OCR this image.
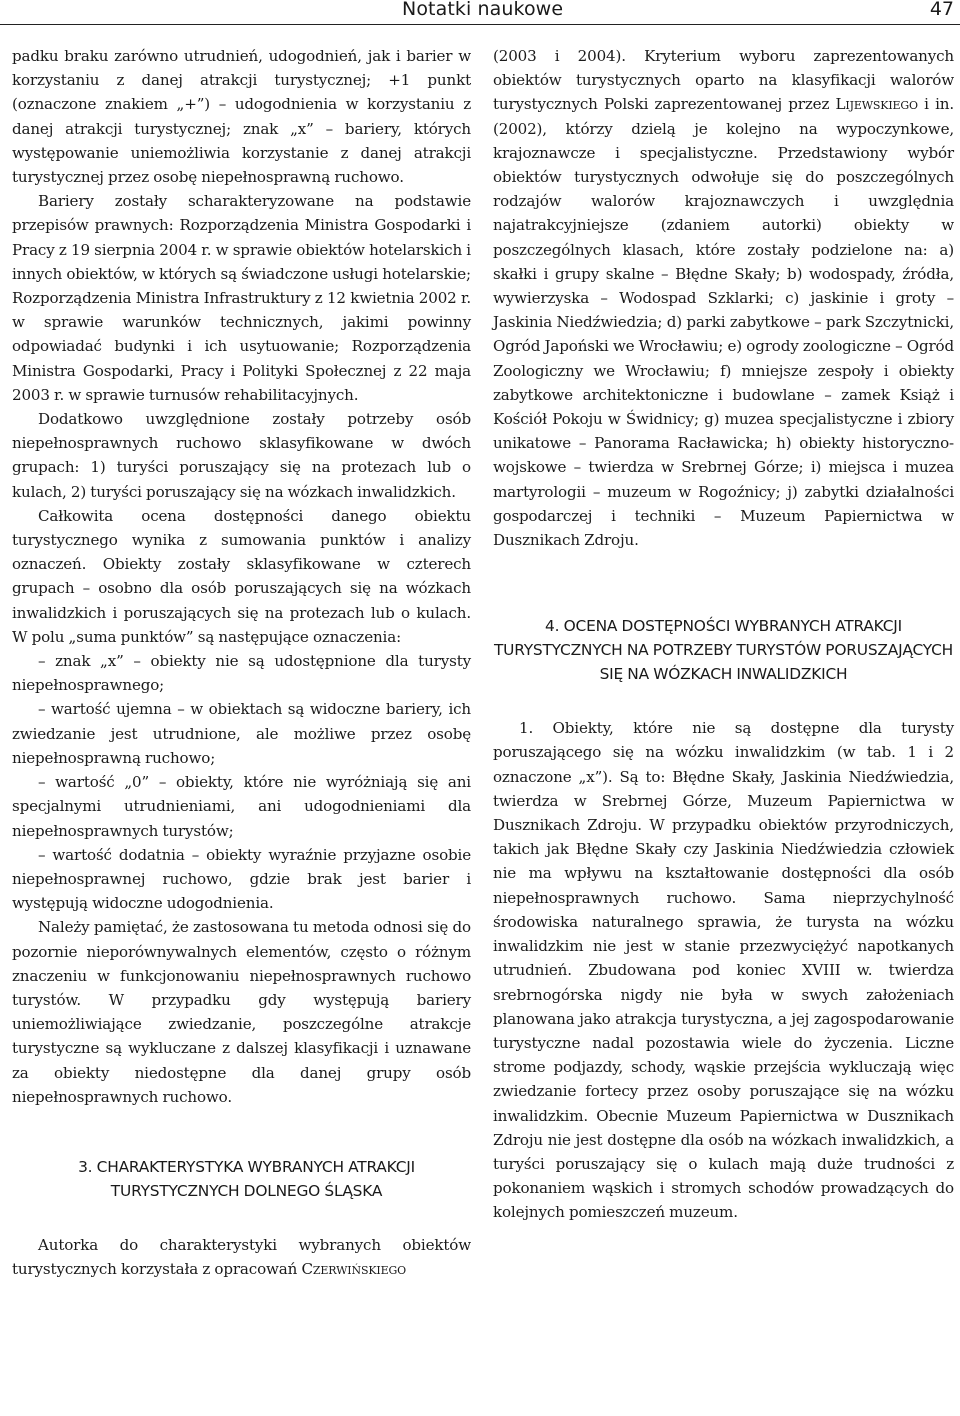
Notatki naukowe	47

padku braku zarówno utrudnień, udogodnień, jak i barier w korzystaniu z danej atrakcji turystycznej; +1 punkt (oznaczone znakiem „+”) – udogodnienia w korzystaniu z danej atrakcji turystycznej; znak „x” – bariery, których występowanie uniemożliwia korzystanie z danej atrakcji turystycznej przez osobę niepełnosprawną ruchowo.

Bariery zostały scharakteryzowane na podstawie przepisów prawnych: Rozporządzenia Ministra Gospodarki i Pracy z 19 sierpnia 2004 r. w sprawie obiektów hotelarskich i innych obiektów, w których są świadczone usługi hotelarskie; Rozporządzenia Ministra Infrastruktury z 12 kwietnia 2002 r. w sprawie warunków technicznych, jakimi powinny odpowiadać budynki i ich usytuowanie; Rozporządzenia Ministra Gospodarki, Pracy i Polityki Społecznej z 22 maja 2003 r. w sprawie turnusów rehabilitacyjnych.

Dodatkowo uwzględnione zostały potrzeby osób niepełnosprawnych ruchowo sklasyfikowane w dwóch grupach: 1) turyści poruszający się na protezach lub o kulach, 2) turyści poruszający się na wózkach inwalidzkich.

Całkowita ocena dostępności danego obiektu turystycznego wynika z sumowania punktów i analizy oznaczeń. Obiekty zostały sklasyfikowane w czterech grupach – osobno dla osób poruszających się na wózkach inwalidzkich i poruszających się na protezach lub o kulach. W polu „suma punktów” są następujące oznaczenia:

– znak „x” – obiekty nie są udostępnione dla turysty niepełnosprawnego;

– wartość ujemna – w obiektach są widoczne bariery, ich zwiedzanie jest utrudnione, ale możliwe przez osobę niepełnosprawną ruchowo;

– wartość „0” – obiekty, które nie wyróżniają się ani specjalnymi utrudnieniami, ani udogodnieniami dla niepełnosprawnych turystów;

– wartość dodatnia – obiekty wyraźnie przyjazne osobie niepełnosprawnej ruchowo, gdzie brak jest barier i występują widoczne udogodnienia.

Należy pamiętać, że zastosowana tu metoda odnosi się do pozornie nieporównywalnych elementów, często o różnym znaczeniu w funkcjonowaniu niepełnosprawnych ruchowo turystów. W przypadku gdy występują bariery uniemożliwiające zwiedzanie, poszczególne atrakcje turystyczne są wykluczane z dalszej klasyfikacji i uznawane za obiekty niedostępne dla danej grupy osób niepełnosprawnych ruchowo.

3. CHARAKTERYSTYKA WYBRANYCH ATRAKCJI TURYSTYCZNYCH DOLNEGO ŚLĄSKA

Autorka do charakterystyki wybranych obiektów turystycznych korzystała z opracowań Czerwińskiego

(2003 i 2004). Kryterium wyboru zaprezentowanych obiektów turystycznych oparto na klasyfikacji walorów turystycznych Polski zaprezentowanej przez Lijewskiego i in. (2002), którzy dzielą je kolejno na wypoczynkowe, krajoznawcze i specjalistyczne. Przedstawiony wybór obiektów turystycznych odwołuje się do poszczególnych rodzajów walorów krajoznawczych i uwzględnia najatrakcyjniejsze (zdaniem autorki) obiekty w poszczególnych klasach, które zostały podzielone na: a) skałki i grupy skalne – Błędne Skały; b) wodospady, źródła, wywierzyska – Wodospad Szklarki; c) jaskinie i groty – Jaskinia Niedźwiedzia; d) parki zabytkowe – park Szczytnicki, Ogród Japoński we Wrocławiu; e) ogrody zoologiczne – Ogród Zoologiczny we Wrocławiu; f) mniejsze zespoły i obiekty zabytkowe architektoniczne i budowlane – zamek Książ i Kościół Pokoju w Świdnicy; g) muzea specjalistyczne i zbiory unikatowe – Panorama Racławicka; h) obiekty historyczno-wojskowe – twierdza w Srebrnej Górze; i) miejsca i muzea martyrologii – muzeum w Rogoźnicy; j) zabytki działalności gospodarczej i techniki – Muzeum Papiernictwa w Dusznikach Zdroju.

4. OCENA DOSTĘPNOŚCI WYBRANYCH ATRAKCJI TURYSTYCZNYCH NA POTRZEBY TURYSTÓW PORUSZAJĄCYCH SIĘ NA WÓZKACH INWALIDZKICH

1. Obiekty, które nie są dostępne dla turysty poruszającego się na wózku inwalidzkim (w tab. 1 i 2 oznaczone „x”). Są to: Błędne Skały, Jaskinia Niedźwiedzia, twierdza w Srebrnej Górze, Muzeum Papiernictwa w Dusznikach Zdroju. W przypadku obiektów przyrodniczych, takich jak Błędne Skały czy Jaskinia Niedźwiedzia człowiek nie ma wpływu na kształtowanie dostępności dla osób niepełnosprawnych ruchowo. Sama nieprzychylność środowiska naturalnego sprawia, że turysta na wózku inwalidzkim nie jest w stanie przezwyciężyć napotkanych utrudnień. Zbudowana pod koniec XVIII w. twierdza srebrnogórska nigdy nie była w swych założeniach planowana jako atrakcja turystyczna, a jej zagospodarowanie turystyczne nadal pozostawia wiele do życzenia. Liczne strome podjazdy, schody, wąskie przejścia wykluczają więc zwiedzanie fortecy przez osoby poruszające się na wózku inwalidzkim. Obecnie Muzeum Papiernictwa w Dusznikach Zdroju nie jest dostępne dla osób na wózkach inwalidzkich, a turyści poruszający się o kulach mają duże trudności z pokonaniem wąskich i stromych schodów prowadzących do kolejnych pomieszczeń muzeum.
